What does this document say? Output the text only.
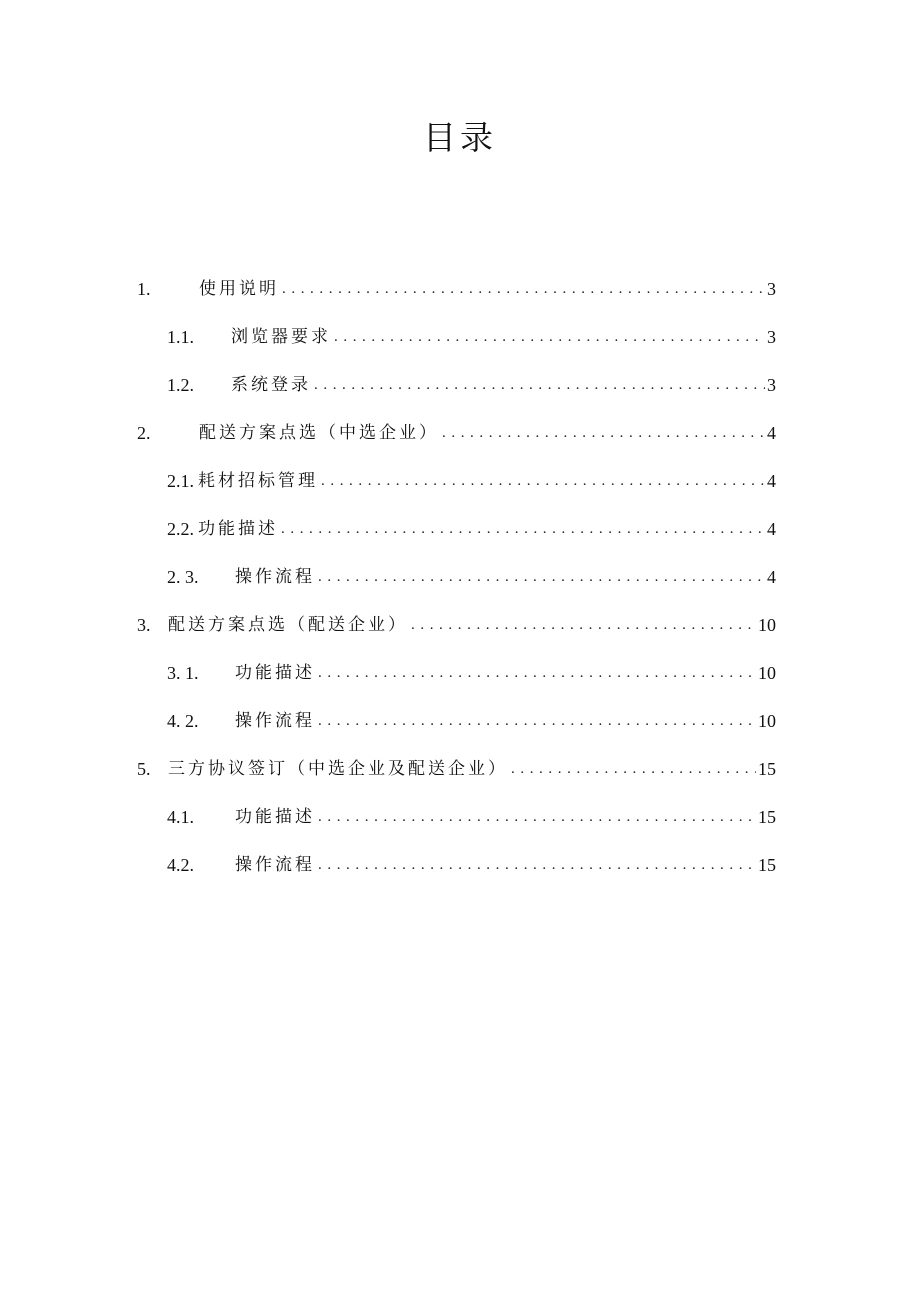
目录
1.	使用说明 .....	3
1.1.	浏览器要求 .....	3
1.2.	系统登录 .....	3
2.	配送方案点选（中选企业） .....	4
2.1. 耗材招标管理 .....	4
2.2. 功能描述 .....	4
2. 3.	操作流程 .....	4
3.	配送方案点选（配送企业） .....	10
3. 1.	功能描述 .....	10
4. 2.	操作流程 .....	10
5.	三方协议签订（中选企业及配送企业） .....	15
4.1.	功能描述 .....	15
4.2.	操作流程 .....	15
